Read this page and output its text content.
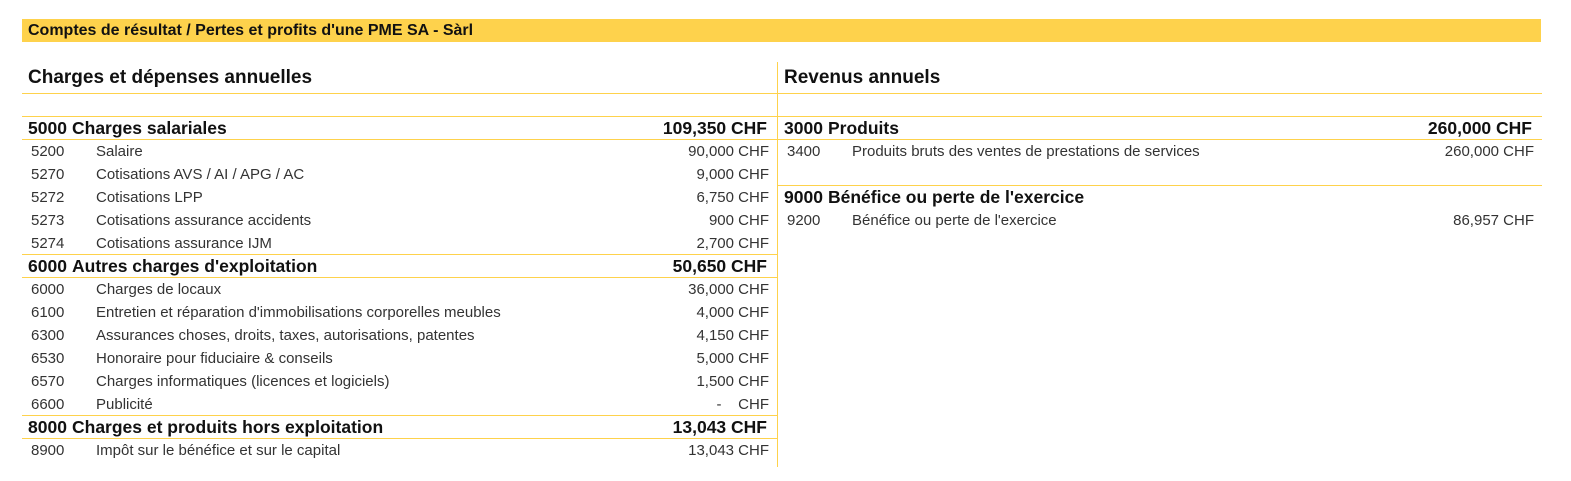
Comptes de résultat / Pertes et profits d'une PME SA - Sàrl
Charges et dépenses annuelles
5000 Charges salariales	109,350 CHF
5200	Salaire	90,000 CHF
5270	Cotisations AVS / AI / APG / AC	9,000 CHF
5272	Cotisations LPP	6,750 CHF
5273	Cotisations assurance accidents	900 CHF
5274	Cotisations assurance IJM	2,700 CHF
6000 Autres charges d'exploitation	50,650 CHF
6000	Charges de locaux	36,000 CHF
6100	Entretien et réparation d'immobilisations corporelles meubles	4,000 CHF
6300	Assurances choses, droits, taxes, autorisations, patentes	4,150 CHF
6530	Honoraire pour fiduciaire & conseils	5,000 CHF
6570	Charges informatiques (licences et logiciels)	1,500 CHF
6600	Publicité	-    CHF
8000 Charges et produits hors exploitation	13,043 CHF
8900	Impôt sur le bénéfice et sur le capital	13,043 CHF
Revenus annuels
3000 Produits	260,000 CHF
3400	Produits bruts des ventes de prestations de services	260,000 CHF
9000 Bénéfice ou perte de l'exercice
9200	Bénéfice ou perte de l'exercice	86,957 CHF
